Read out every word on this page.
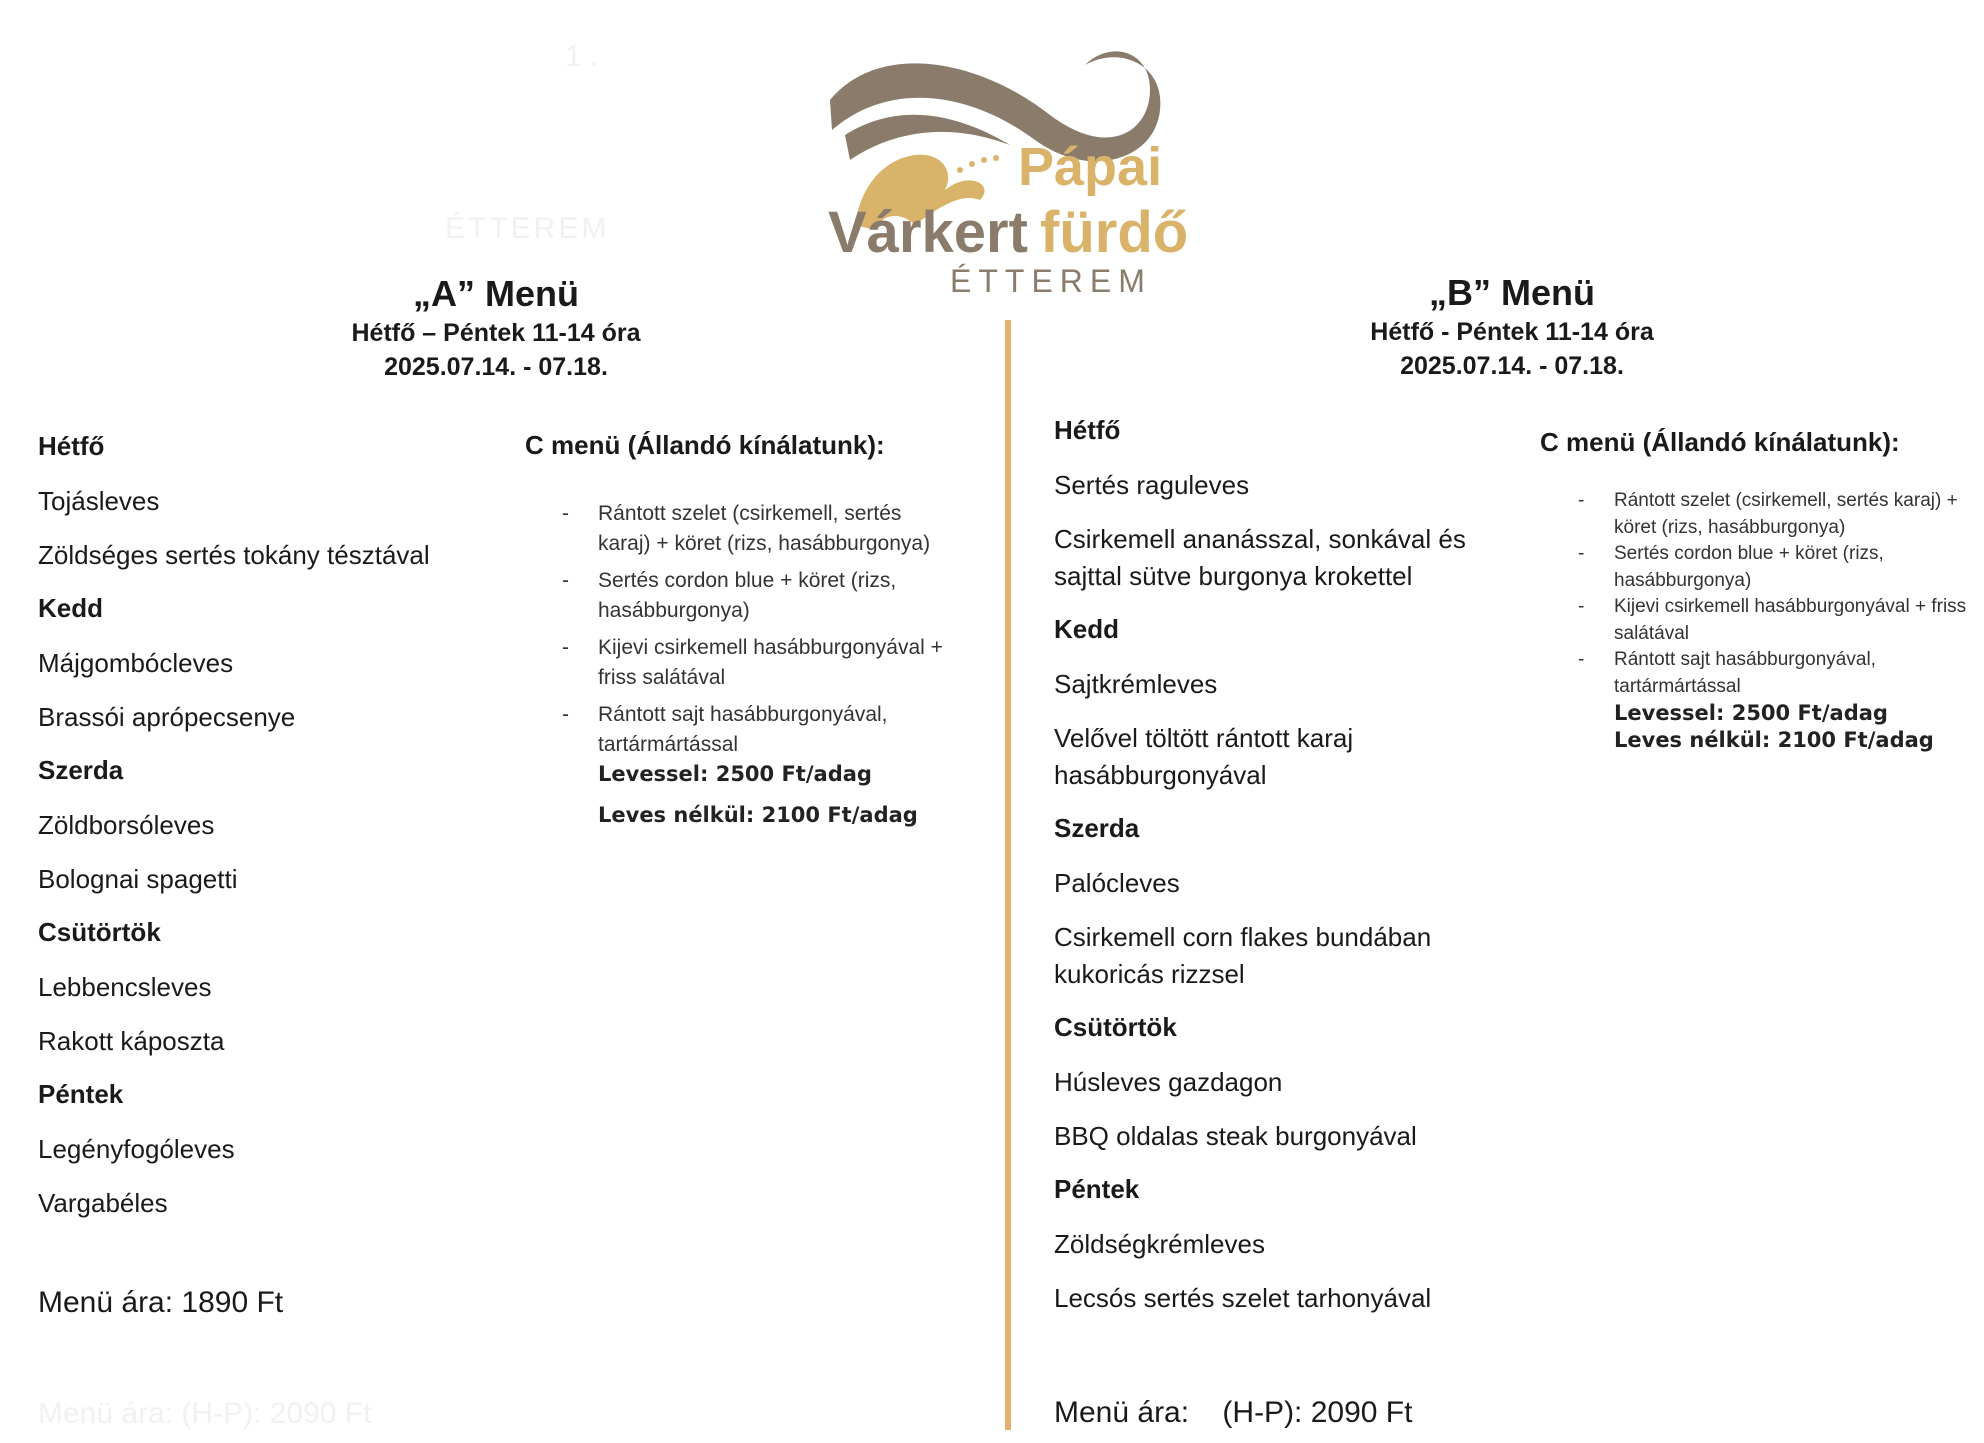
1 .
ÉTTEREM
Menü ára: (H-P): 2090 Ft
Pápai
Várkert fürdő
ÉTTEREM
„A” Menü
Hétfő – Péntek 11-14 óra
2025.07.14. - 07.18.
Hétfő
Tojásleves
Zöldséges sertés tokány tésztával
Kedd
Májgombócleves
Brassói aprópecsenye
Szerda
Zöldborsóleves
Bolognai spagetti
Csütörtök
Lebbencsleves
Rakott káposzta
Péntek
Legényfogóleves
Vargabéles
Menü ára: 1890 Ft
C menü (Állandó kínálatunk):
- Rántott szelet (csirkemell, sertés karaj) + köret (rizs, hasábburgonya)
- Sertés cordon blue + köret (rizs, hasábburgonya)
- Kijevi csirkemell hasábburgonyával + friss salátával
- Rántott sajt hasábburgonyával, tartármártással
Levessel: 2500 Ft/adag
Leves nélkül: 2100 Ft/adag
„B” Menü
Hétfő - Péntek 11-14 óra
2025.07.14. - 07.18.
Hétfő
Sertés raguleves
Csirkemell ananásszal, sonkával és sajttal sütve burgonya krokettel
Kedd
Sajtkrémleves
Velővel töltött rántott karaj hasábburgonyával
Szerda
Palócleves
Csirkemell corn flakes bundában kukoricás rizzsel
Csütörtök
Húsleves gazdagon
BBQ oldalas steak burgonyával
Péntek
Zöldségkrémleves
Lecsós sertés szelet tarhonyával
Menü ára:    (H-P): 2090 Ft
C menü (Állandó kínálatunk):
- Rántott szelet (csirkemell, sertés karaj) + köret (rizs, hasábburgonya)
- Sertés cordon blue + köret (rizs, hasábburgonya)
- Kijevi csirkemell hasábburgonyával + friss salátával
- Rántott sajt hasábburgonyával, tartármártással
Levessel: 2500 Ft/adag
Leves nélkül: 2100 Ft/adag
